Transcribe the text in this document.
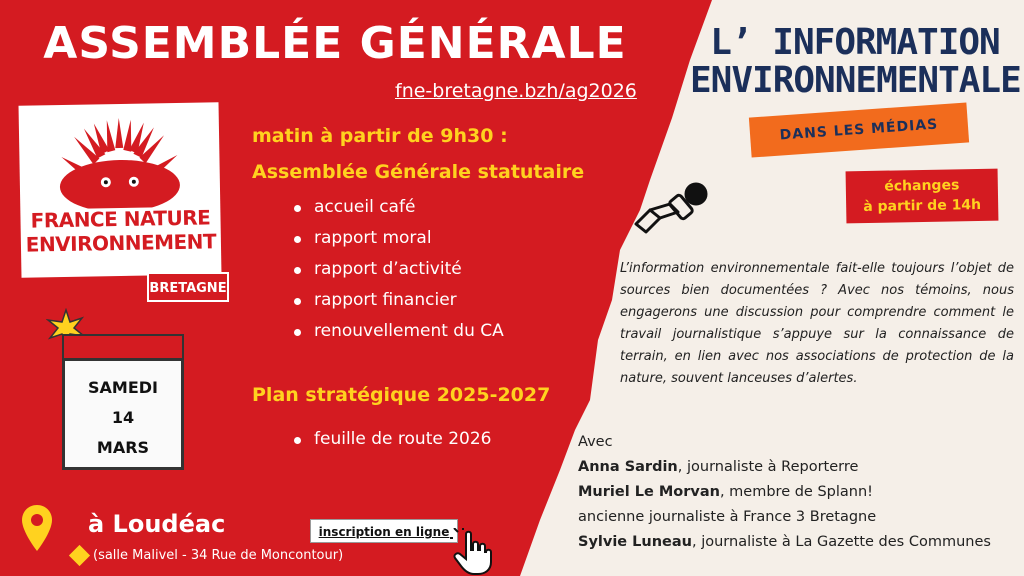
ASSEMBLÉE GÉNÉRALE
fne-bretagne.bzh/ag2026
FRANCE NATURE
ENVIRONNEMENT
BRETAGNE
SAMEDI
14
MARS
matin à partir de 9h30 :
Assemblée Générale statutaire
accueil café
rapport moral
rapport d’activité
rapport financier
renouvellement du CA
Plan stratégique 2025-2027
feuille de route 2026
à Loudéac
(salle Malivel - 34 Rue de Moncontour)
inscription en ligne
L’ INFORMATION
ENVIRONNEMENTALE
DANS LES MÉDIAS
échanges
à partir de 14h
L’information environnementale fait-elle toujours l’objet de sources bien documentées ? Avec nos témoins, nous engagerons une discussion pour comprendre comment le travail journalistique s’appuye sur la connaissance de terrain, en lien avec nos associations de protection de la nature, souvent lanceuses d’alertes.
Avec
Anna Sardin, journaliste à Reporterre
Muriel Le Morvan, membre de Splann!
ancienne journaliste à France 3 Bretagne
Sylvie Luneau, journaliste à La Gazette des Communes
